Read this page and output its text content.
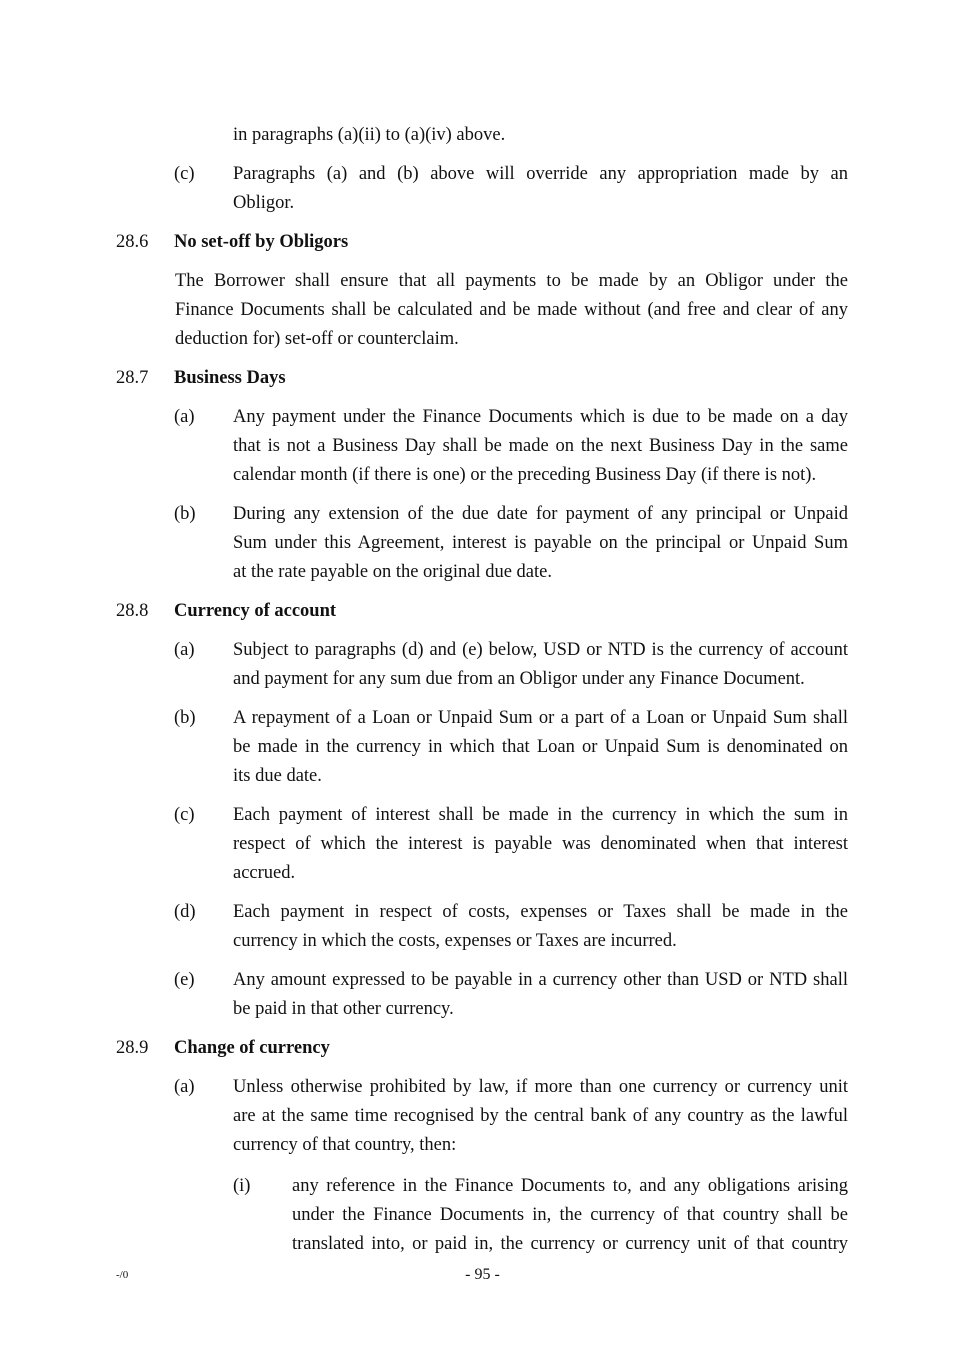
in paragraphs (a)(ii) to (a)(iv) above.
(c) Paragraphs (a) and (b) above will override any appropriation made by an
Obligor.
28.6 No set-off by Obligors
The Borrower shall ensure that all payments to be made by an Obligor under the
Finance Documents shall be calculated and be made without (and free and clear of any
deduction for) set-off or counterclaim.
28.7 Business Days
(a) Any payment under the Finance Documents which is due to be made on a day
that is not a Business Day shall be made on the next Business Day in the same
calendar month (if there is one) or the preceding Business Day (if there is not).
(b) During any extension of the due date for payment of any principal or Unpaid
Sum under this Agreement, interest is payable on the principal or Unpaid Sum
at the rate payable on the original due date.
28.8 Currency of account
(a) Subject to paragraphs (d) and (e) below, USD or NTD is the currency of account
and payment for any sum due from an Obligor under any Finance Document.
(b) A repayment of a Loan or Unpaid Sum or a part of a Loan or Unpaid Sum shall
be made in the currency in which that Loan or Unpaid Sum is denominated on
its due date.
(c) Each payment of interest shall be made in the currency in which the sum in
respect of which the interest is payable was denominated when that interest
accrued.
(d) Each payment in respect of costs, expenses or Taxes shall be made in the
currency in which the costs, expenses or Taxes are incurred.
(e) Any amount expressed to be payable in a currency other than USD or NTD shall
be paid in that other currency.
28.9 Change of currency
(a) Unless otherwise prohibited by law, if more than one currency or currency unit
are at the same time recognised by the central bank of any country as the lawful
currency of that country, then:
(i) any reference in the Finance Documents to, and any obligations arising
under the Finance Documents in, the currency of that country shall be
translated into, or paid in, the currency or currency unit of that country
-/0	- 95 -
